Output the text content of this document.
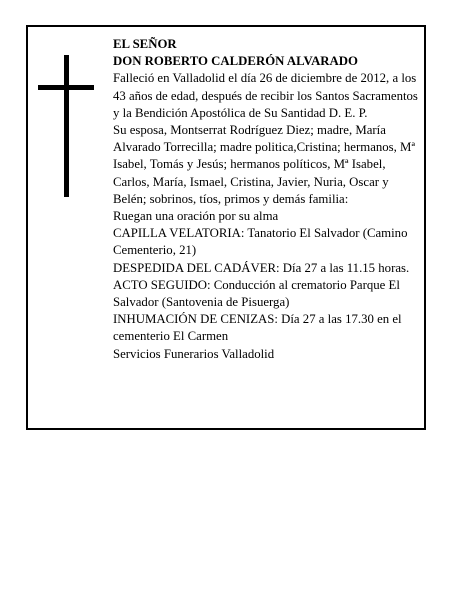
EL SEÑOR

DON ROBERTO CALDERÓN ALVARADO

Falleció en Valladolid el día 26 de diciembre de 2012, a los 43 años de edad, después de recibir los Santos Sacramentos y la Bendición Apostólica de Su Santidad D. E. P.

Su esposa, Montserrat Rodríguez Diez; madre, María Alvarado Torrecilla; madre politica,Cristina; hermanos, Mª Isabel, Tomás y Jesús; hermanos políticos, Mª Isabel, Carlos, María, Ismael, Cristina, Javier, Nuria, Oscar y Belén; sobrinos, tíos, primos y demás familia:

Ruegan una oración por su alma

CAPILLA VELATORIA: Tanatorio El Salvador (Camino Cementerio, 21)

DESPEDIDA DEL CADÁVER: Día 27 a las 11.15 horas. ACTO SEGUIDO: Conducción al crematorio Parque El Salvador (Santovenia de Pisuerga)

INHUMACIÓN DE CENIZAS: Día 27 a las 17.30 en el cementerio El Carmen

Servicios Funerarios Valladolid
